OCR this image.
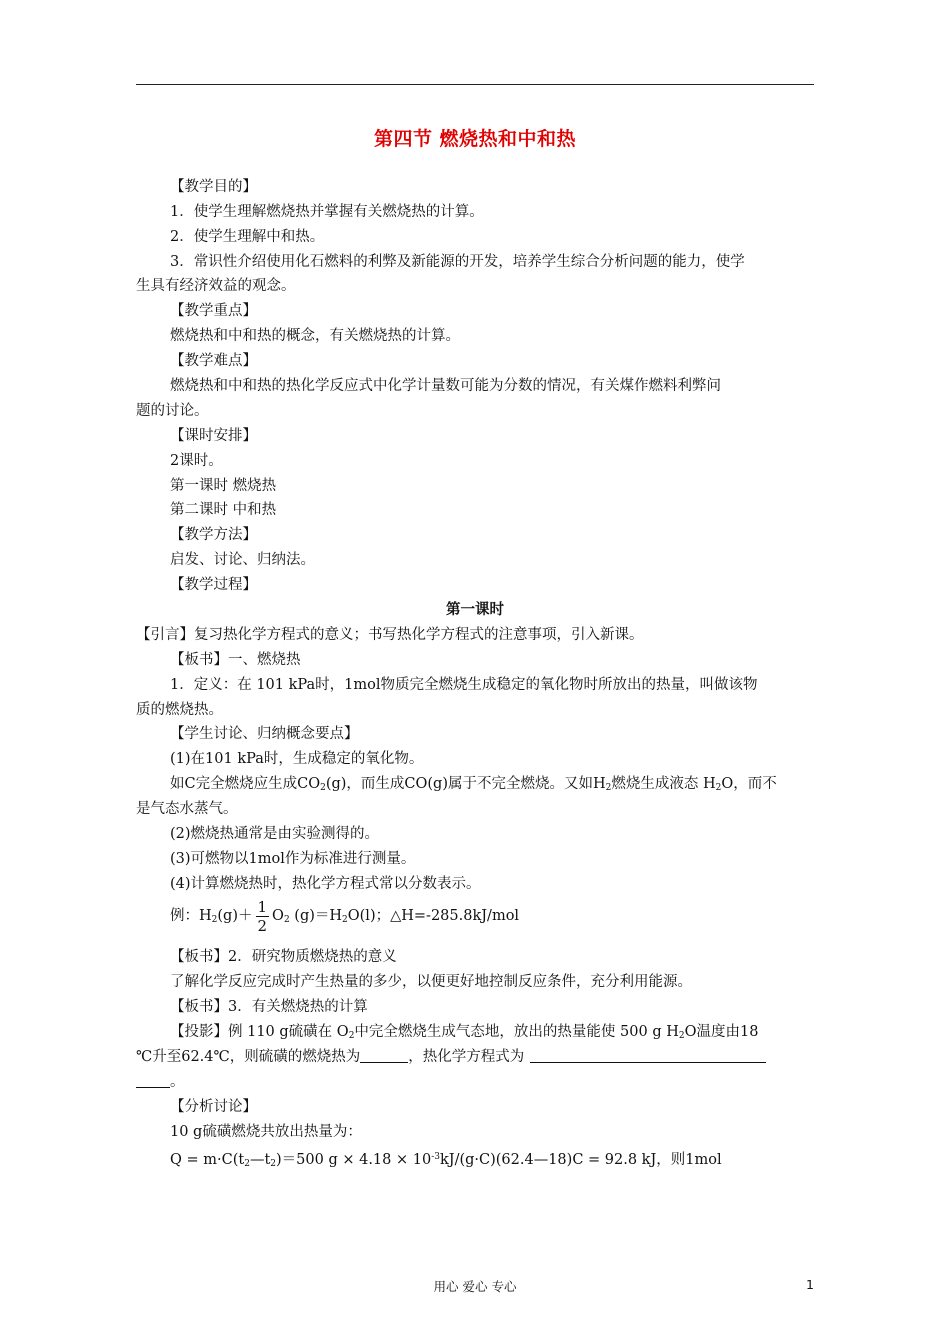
第四节 燃烧热和中和热
【教学目的】
1．使学生理解燃烧热并掌握有关燃烧热的计算。
2．使学生理解中和热。
3．常识性介绍使用化石燃料的利弊及新能源的开发，培养学生综合分析问题的能力，使学
生具有经济效益的观念。
【教学重点】
燃烧热和中和热的概念，有关燃烧热的计算。
【教学难点】
燃烧热和中和热的热化学反应式中化学计量数可能为分数的情况，有关煤作燃料利弊问
题的讨论。
【课时安排】
2课时。
第一课时 燃烧热
第二课时 中和热
【教学方法】
启发、讨论、归纳法。
【教学过程】
第一课时
【引言】复习热化学方程式的意义；书写热化学方程式的注意事项，引入新课。
【板书】一、燃烧热
1．定义：在 101 kPa时，1mol物质完全燃烧生成稳定的氧化物时所放出的热量，叫做该物
质的燃烧热。
【学生讨论、归纳概念要点】
(1)在101 kPa时，生成稳定的氧化物。
如C完全燃烧应生成$CO_2(g)$，而生成CO(g)属于不完全燃烧。又如$H_2$燃烧生成液态 $H_2O$，而不
是气态水蒸气。
(2)燃烧热通常是由实验测得的。
(3)可燃物以1mol作为标准进行测量。
(4)计算燃烧热时，热化学方程式常以分数表示。
例：$H_2(g)+ \frac{1}{2} O_2$ $(g)=H_2O(l)$；△H=-285.8kJ/mol
【板书】2．研究物质燃烧热的意义
了解化学反应完成时产生热量的多少，以便更好地控制反应条件，充分利用能源。
【板书】3．有关燃烧热的计算
【投影】例 110 g硫磺在 $O_2$中完全燃烧生成气态地，放出的热量能使 500 g $H_2O$温度由18
℃升至62.4℃，则硫磺的燃烧热为	，热化学方程式为
。
【分析讨论】
10 g硫磺燃烧共放出热量为：
$Q = m\cdot C(t_2—t_2)=500$ $g \times 4.18 \times 10^{-3}kJ/(g\cdot C)(62.4—18)C = 92.8$ kJ，则1mol
用心 爱心 专心	1
